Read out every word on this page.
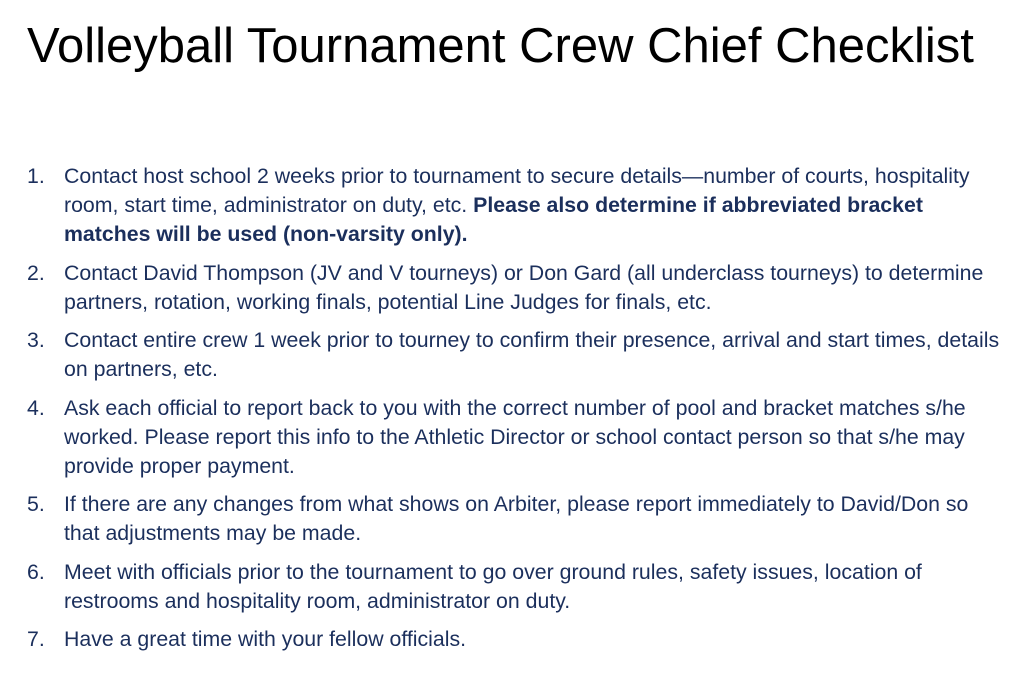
Volleyball Tournament Crew Chief Checklist
1. Contact host school 2 weeks prior to tournament to secure details—number of courts, hospitality room, start time, administrator on duty, etc. Please also determine if abbreviated bracket matches will be used (non-varsity only).
2. Contact David Thompson (JV and V tourneys) or Don Gard (all underclass tourneys) to determine partners, rotation, working finals, potential Line Judges for finals, etc.
3. Contact entire crew 1 week prior to tourney to confirm their presence, arrival and start times, details on partners, etc.
4. Ask each official to report back to you with the correct number of pool and bracket matches s/he worked. Please report this info to the Athletic Director or school contact person so that s/he may provide proper payment.
5. If there are any changes from what shows on Arbiter, please report immediately to David/Don so that adjustments may be made.
6. Meet with officials prior to the tournament to go over ground rules, safety issues, location of restrooms and hospitality room, administrator on duty.
7. Have a great time with your fellow officials.
